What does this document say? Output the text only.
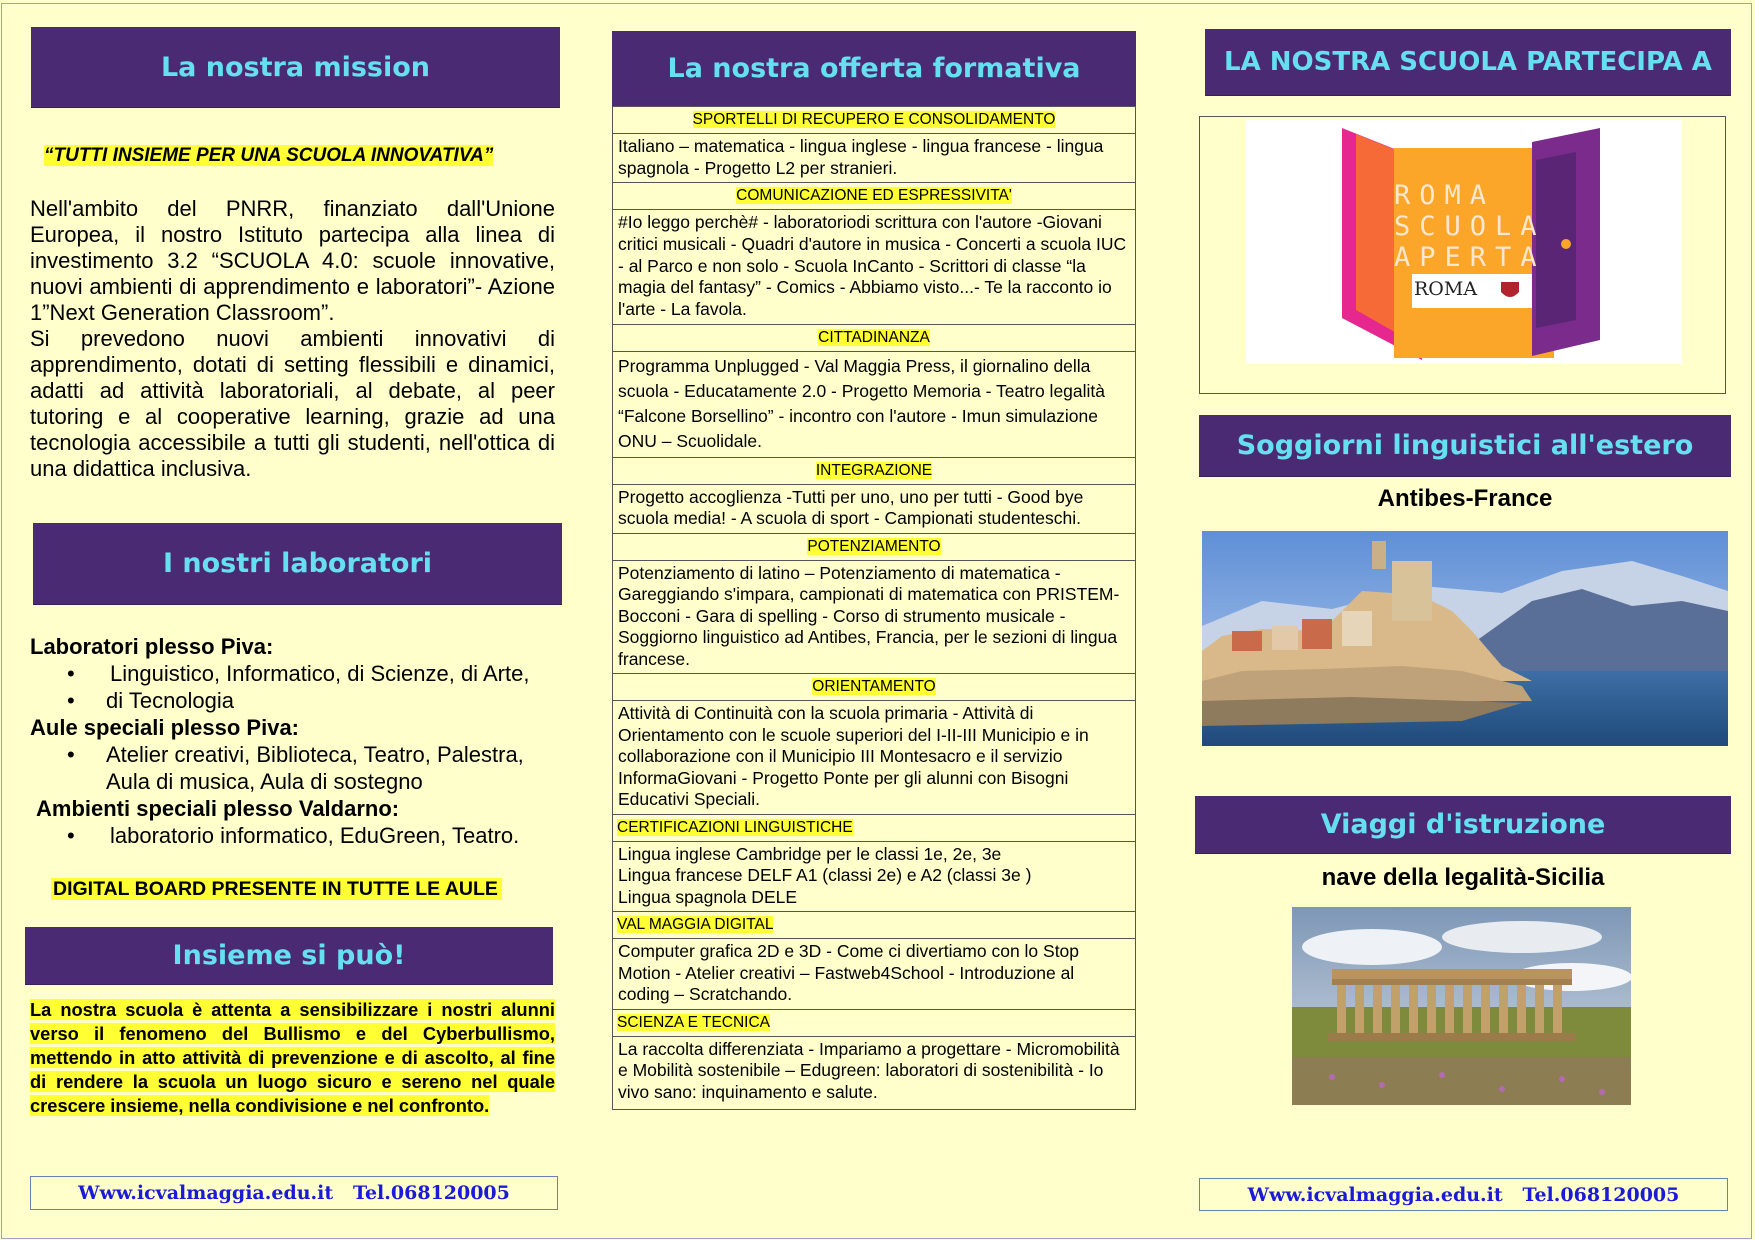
La nostra mission
“TUTTI INSIEME PER UNA SCUOLA INNOVATIVA”
Nell'ambito del PNRR, finanziato dall'Unione Europea, il nostro Istituto partecipa alla linea di investimento 3.2 “SCUOLA 4.0: scuole innovative, nuovi ambienti di apprendimento e laboratori”- Azione 1”Next Generation Classroom”.
Si prevedono nuovi ambienti innovativi di apprendimento, dotati di setting flessibili e dinamici, adatti ad attività laboratoriali, al debate, al peer tutoring e al cooperative learning, grazie ad una tecnologia accessibile a tutti gli studenti, nell'ottica di una didattica inclusiva.
I nostri laboratori
Laboratori plesso Piva:
• Linguistico, Informatico, di Scienze, di Arte,
• di Tecnologia
Aule speciali plesso Piva:
• Atelier creativi, Biblioteca, Teatro, Palestra,
Aula di musica, Aula di sostegno
Ambienti speciali plesso Valdarno:
• laboratorio informatico, EduGreen, Teatro.
DIGITAL BOARD PRESENTE IN TUTTE LE AULE
Insieme si può!
La nostra scuola è attenta a sensibilizzare i nostri alunni verso il fenomeno del Bullismo e del Cyberbullismo, mettendo in atto attività di prevenzione e di ascolto, al fine di rendere la scuola un luogo sicuro e sereno nel quale crescere insieme, nella condivisione e nel confronto.
Www.icvalmaggia.edu.it   Tel.068120005
La nostra offerta formativa
SPORTELLI DI RECUPERO E CONSOLIDAMENTO
Italiano – matematica - lingua inglese - lingua francese - lingua spagnola - Progetto L2 per stranieri.
COMUNICAZIONE ED ESPRESSIVITA'
#Io leggo perchè# - laboratoriodi scrittura con l'autore -Giovani critici musicali - Quadri d'autore in musica - Concerti a scuola IUC - al Parco e non solo - Scuola InCanto - Scrittori di classe “la magia del fantasy” - Comics - Abbiamo visto...- Te la racconto io l'arte - La favola.
CITTADINANZA
Programma Unplugged - Val Maggia Press, il giornalino della scuola - Educatamente 2.0 - Progetto Memoria - Teatro legalità “Falcone Borsellino” - incontro con l'autore - Imun simulazione ONU – Scuolidale.
INTEGRAZIONE
Progetto accoglienza -Tutti per uno, uno per tutti - Good bye scuola media! - A scuola di sport - Campionati studenteschi.
POTENZIAMENTO
Potenziamento di latino – Potenziamento di matematica - Gareggiando s'impara, campionati di matematica con PRISTEM-Bocconi - Gara di spelling - Corso di strumento musicale - Soggiorno linguistico ad Antibes, Francia, per le sezioni di lingua francese.
ORIENTAMENTO
Attività di Continuità con la scuola primaria - Attività di Orientamento con le scuole superiori del I-II-III Municipio e in collaborazione con il Municipio III Montesacro e il servizio InformaGiovani - Progetto Ponte per gli alunni con Bisogni Educativi Speciali.
CERTIFICAZIONI LINGUISTICHE

Lingua inglese Cambridge per le classi 1e, 2e, 3e
Lingua francese DELF A1 (classi 2e) e A2 (classi 3e )
Lingua spagnola DELE

VAL MAGGIA DIGITAL
Computer grafica 2D e 3D - Come ci divertiamo con lo Stop Motion - Atelier creativi – Fastweb4School - Introduzione al coding – Scratchando.
SCIENZA E TECNICA
La raccolta differenziata - Impariamo a progettare - Micromobilità e Mobilità sostenibile – Edugreen: laboratori di sostenibilità - Io vivo sano: inquinamento e salute.
LA NOSTRA SCUOLA PARTECIPA A
ROMA
SCUOLA
APERTA
ROMA
Soggiorni linguistici all'estero
Antibes-France
Viaggi d'istruzione
nave della legalità-Sicilia
Www.icvalmaggia.edu.it   Tel.068120005
